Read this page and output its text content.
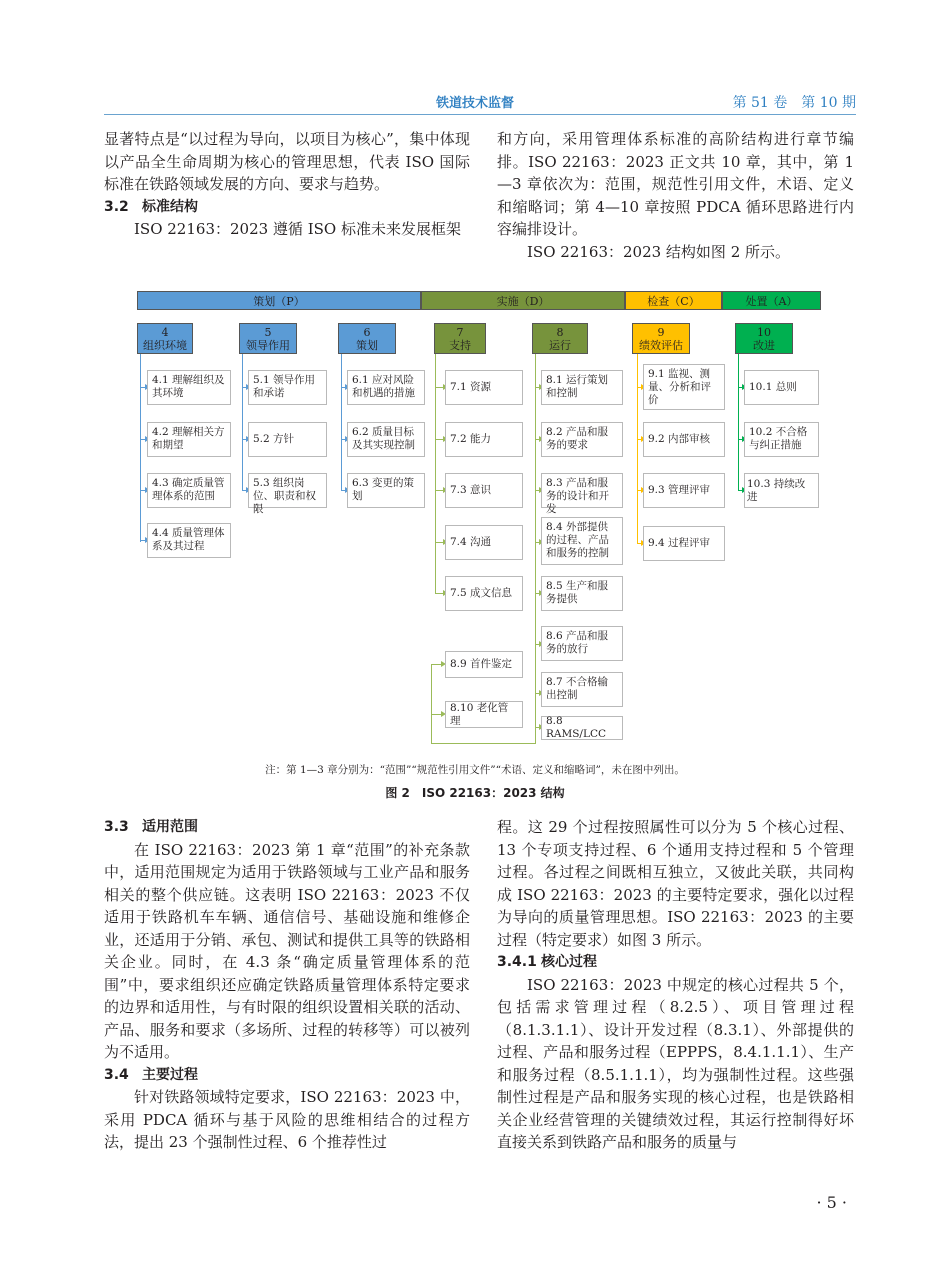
铁道技术监督	第 51 卷　第 10 期

显著特点是“以过程为导向，以项目为核心”，集中体现以产品全生命周期为核心的管理思想，代表 ISO 国际标准在铁路领域发展的方向、要求与趋势。

3.2 标准结构

ISO 22163：2023 遵循 ISO 标准未来发展框架

和方向，采用管理体系标准的高阶结构进行章节编排。ISO 22163：2023 正文共 10 章，其中，第 1—3 章依次为：范围，规范性引用文件，术语、定义和缩略词；第 4—10 章按照 PDCA 循环思路进行内容编排设计。

ISO 22163：2023 结构如图 2 所示。

策划（P）	实施（D）	检查（C）	处置（A）
4
组织环境
5
领导作用
6
策划
7
支持
8
运行
9
绩效评估
10
改进
4.1 理解组织及其环境
4.2 理解相关方和期望
4.3 确定质量管理体系的范围
4.4 质量管理体系及其过程
5.1 领导作用和承诺
5.2 方针
5.3 组织岗位、职责和权限
6.1 应对风险和机遇的措施
6.2 质量目标及其实现控制
6.3 变更的策划
7.1 资源
7.2 能力
7.3 意识
7.4 沟通
7.5 成文信息
8.1 运行策划和控制
8.2 产品和服务的要求
8.3 产品和服务的设计和开发
8.4 外部提供的过程、产品和服务的控制
8.5 生产和服务提供
8.6 产品和服务的放行
8.7 不合格输出控制
8.8 RAMS/LCC
8.9 首件鉴定
8.10 老化管理
9.1 监视、测量、分析和评价
9.2 内部审核
9.3 管理评审
9.4 过程评审
10.1 总则
10.2 不合格与纠正措施
10.3 持续改进
注：第 1—3 章分别为：“范围”“规范性引用文件”“术语、定义和缩略词”，未在图中列出。
图 2　ISO 22163：2023 结构
3.3 适用范围

在 ISO 22163：2023 第 1 章“范围”的补充条款中，适用范围规定为适用于铁路领域与工业产品和服务相关的整个供应链。这表明 ISO 22163：2023 不仅适用于铁路机车车辆、通信信号、基础设施和维修企业，还适用于分销、承包、测试和提供工具等的铁路相关企业。同时，在 4.3 条“确定质量管理体系的范围”中，要求组织还应确定铁路质量管理体系特定要求的边界和适用性，与有时限的组织设置相关联的活动、产品、服务和要求（多场所、过程的转移等）可以被列为不适用。

3.4 主要过程

针对铁路领域特定要求，ISO 22163：2023 中，采用 PDCA 循环与基于风险的思维相结合的过程方法，提出 23 个强制性过程、6 个推荐性过

程。这 29 个过程按照属性可以分为 5 个核心过程、13 个专项支持过程、6 个通用支持过程和 5 个管理过程。各过程之间既相互独立，又彼此关联，共同构成 ISO 22163：2023 的主要特定要求，强化以过程为导向的质量管理思想。ISO 22163：2023 的主要过程（特定要求）如图 3 所示。

3.4.1 核心过程

ISO 22163：2023 中规定的核心过程共 5 个，包括需求管理过程（8.2.5）、项目管理过程（8.1.3.1.1）、设计开发过程（8.3.1）、外部提供的过程、产品和服务过程（EPPPS，8.4.1.1.1）、生产和服务过程（8.5.1.1.1），均为强制性过程。这些强制性过程是产品和服务实现的核心过程，也是铁路相关企业经营管理的关键绩效过程，其运行控制得好坏直接关系到铁路产品和服务的质量与

· 5 ·
